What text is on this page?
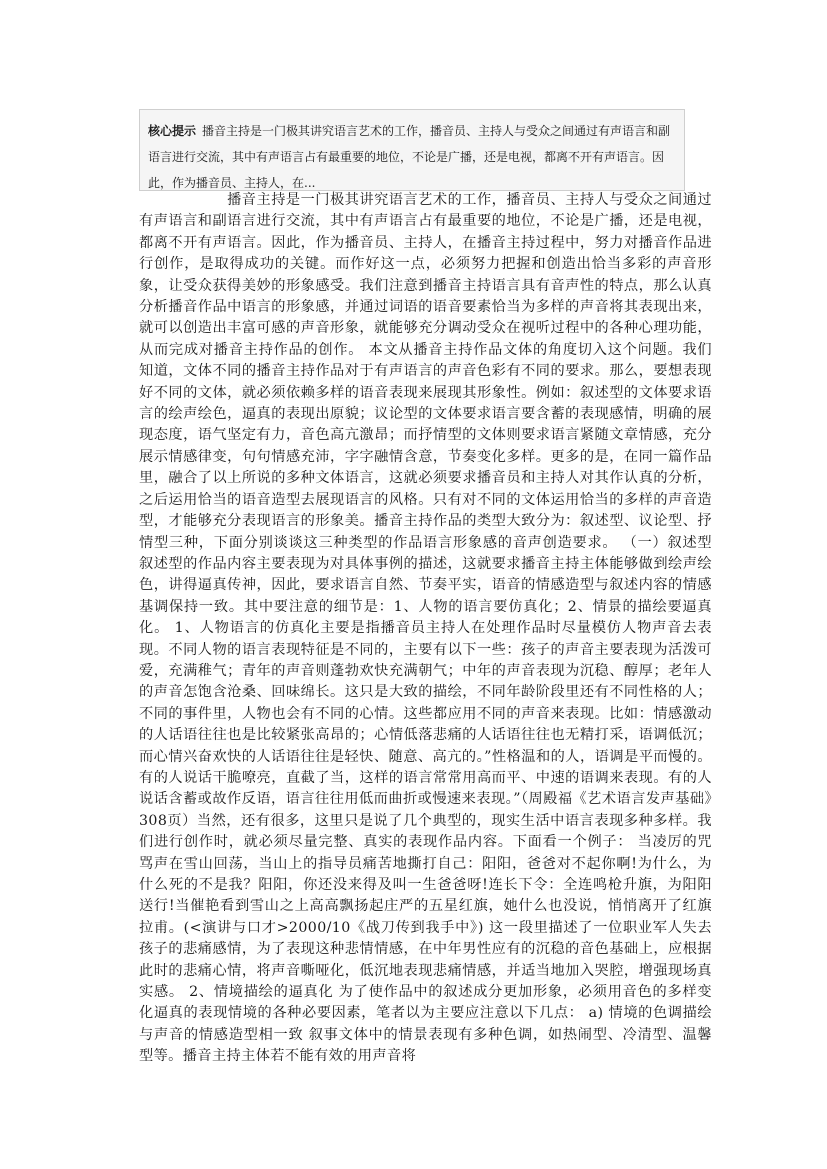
核心提示 播音主持是一门极其讲究语言艺术的工作，播音员、主持人与受众之间通过有声语言和副语言进行交流，其中有声语言占有最重要的地位，不论是广播，还是电视，都离不开有声语言。因此，作为播音员、主持人，在...
播音主持是一门极其讲究语言艺术的工作，播音员、主持人与受众之间通过有声语言和副语言进行交流，其中有声语言占有最重要的地位，不论是广播，还是电视，都离不开有声语言。因此，作为播音员、主持人，在播音主持过程中，努力对播音作品进行创作，是取得成功的关键。而作好这一点，必须努力把握和创造出恰当多彩的声音形象，让受众获得美妙的形象感受。我们注意到播音主持语言具有音声性的特点，那么认真分析播音作品中语言的形象感，并通过词语的语音要素恰当为多样的声音将其表现出来，就可以创造出丰富可感的声音形象，就能够充分调动受众在视听过程中的各种心理功能，从而完成对播音主持作品的创作。 本文从播音主持作品文体的角度切入这个问题。我们知道，文体不同的播音主持作品对于有声语言的声音色彩有不同的要求。那么，要想表现好不同的文体，就必须依赖多样的语音表现来展现其形象性。例如：叙述型的文体要求语言的绘声绘色，逼真的表现出原貌；议论型的文体要求语言要含蓄的表现感情，明确的展现态度，语气坚定有力，音色高亢激昂；而抒情型的文体则要求语言紧随文章情感，充分展示情感律变，句句情感充沛，字字融情含意，节奏变化多样。更多的是，在同一篇作品里，融合了以上所说的多种文体语言，这就必须要求播音员和主持人对其作认真的分析，之后运用恰当的语音造型去展现语言的风格。只有对不同的文体运用恰当的多样的声音造型，才能够充分表现语言的形象美。播音主持作品的类型大致分为：叙述型、议论型、抒情型三种，下面分别谈谈这三种类型的作品语言形象感的音声创造要求。 （一）叙述型 叙述型的作品内容主要表现为对具体事例的描述，这就要求播音主持主体能够做到绘声绘色，讲得逼真传神，因此，要求语言自然、节奏平实，语音的情感造型与叙述内容的情感基调保持一致。其中要注意的细节是：1、人物的语言要仿真化；2、情景的描绘要逼真化。 1、人物语言的仿真化主要是指播音员主持人在处理作品时尽量模仿人物声音去表现。不同人物的语言表现特征是不同的，主要有以下一些：孩子的声音主要表现为活泼可爱，充满稚气；青年的声音则蓬勃欢快充满朝气；中年的声音表现为沉稳、醇厚；老年人的声音怎饱含沧桑、回味绵长。这只是大致的描绘，不同年龄阶段里还有不同性格的人；不同的事件里，人物也会有不同的心情。这些都应用不同的声音来表现。比如：情感激动的人话语往往也是比较紧张高昂的；心情低落悲痛的人话语往往也无精打采，语调低沉；而心情兴奋欢快的人话语往往是轻快、随意、高亢的。”性格温和的人，语调是平而慢的。有的人说话干脆嘹亮，直截了当，这样的语言常常用高而平、中速的语调来表现。有的人说话含蓄或故作反语，语言往往用低而曲折或慢速来表现。”（周殿福《艺术语言发声基础》308页）当然，还有很多，这里只是说了几个典型的，现实生活中语言表现多种多样。我们进行创作时，就必须尽量完整、真实的表现作品内容。下面看一个例子： 当凌厉的咒骂声在雪山回荡，当山上的指导员痛苦地撕打自己：阳阳，爸爸对不起你啊!为什么，为什么死的不是我？阳阳，你还没来得及叫一生爸爸呀!连长下令：全连鸣枪升旗，为阳阳送行!当催艳看到雪山之上高高飘扬起庄严的五星红旗，她什么也没说，悄悄离开了红旗拉甫。(<演讲与口才>2000/10《战刀传到我手中》) 这一段里描述了一位职业军人失去孩子的悲痛感情，为了表现这种悲情情感，在中年男性应有的沉稳的音色基础上，应根据此时的悲痛心情，将声音嘶哑化，低沉地表现悲痛情感，并适当地加入哭腔，增强现场真实感。 2、情境描绘的逼真化 为了使作品中的叙述成分更加形象，必须用音色的多样变化逼真的表现情境的各种必要因素，笔者以为主要应注意以下几点： a) 情境的色调描绘与声音的情感造型相一致 叙事文体中的情景表现有多种色调，如热闹型、冷清型、温馨型等。播音主持主体若不能有效的用声音将
